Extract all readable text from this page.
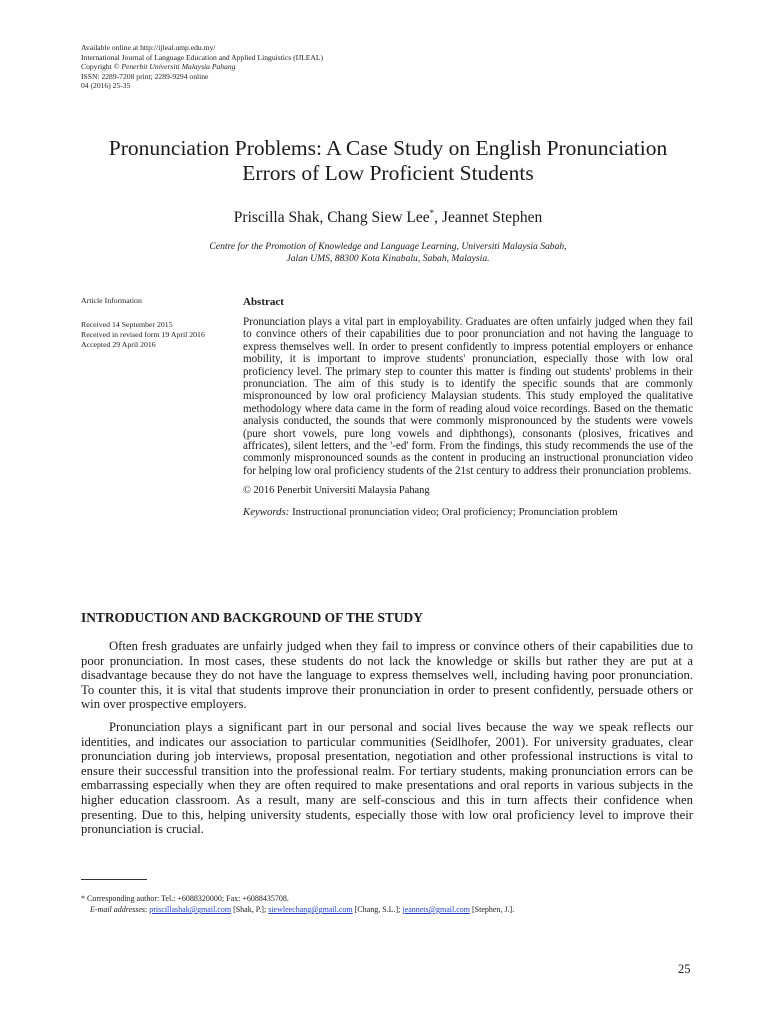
Available online at http://ijleal.ump.edu.my/
International Journal of Language Education and Applied Linguistics (IJLEAL)
Copyright © Penerbit Universiti Malaysia Pahang
ISSN: 2289-7208 print; 2289-9294 online
04 (2016) 25-35
Pronunciation Problems: A Case Study on English Pronunciation
Errors of Low Proficient Students
Priscilla Shak, Chang Siew Lee*, Jeannet Stephen
Centre for the Promotion of Knowledge and Language Learning, Universiti Malaysia Sabah,
Jalan UMS, 88300 Kota Kinabalu, Sabah, Malaysia.
Article Information
Received 14 September 2015
Received in revised form 19 April 2016
Accepted 29 April 2016
Abstract
Pronunciation plays a vital part in employability. Graduates are often unfairly judged when they fail to convince others of their capabilities due to poor pronunciation and not having the language to express themselves well. In order to present confidently to impress potential employers or enhance mobility, it is important to improve students' pronunciation, especially those with low oral proficiency level. The primary step to counter this matter is finding out students' problems in their pronunciation. The aim of this study is to identify the specific sounds that are commonly mispronounced by low oral proficiency Malaysian students. This study employed the qualitative methodology where data came in the form of reading aloud voice recordings. Based on the thematic analysis conducted, the sounds that were commonly mispronounced by the students were vowels (pure short vowels, pure long vowels and diphthongs), consonants (plosives, fricatives and affricates), silent letters, and the '-ed' form. From the findings, this study recommends the use of the commonly mispronounced sounds as the content in producing an instructional pronunciation video for helping low oral proficiency students of the 21st century to address their pronunciation problems.
© 2016 Penerbit Universiti Malaysia Pahang
Keywords: Instructional pronunciation video; Oral proficiency; Pronunciation problem
INTRODUCTION AND BACKGROUND OF THE STUDY

Often fresh graduates are unfairly judged when they fail to impress or convince others of their capabilities due to poor pronunciation. In most cases, these students do not lack the knowledge or skills but rather they are put at a disadvantage because they do not have the language to express themselves well, including having poor pronunciation. To counter this, it is vital that students improve their pronunciation in order to present confidently, persuade others or win over prospective employers.

Pronunciation plays a significant part in our personal and social lives because the way we speak reflects our identities, and indicates our association to particular communities (Seidlhofer, 2001). For university graduates, clear pronunciation during job interviews, proposal presentation, negotiation and other professional instructions is vital to ensure their successful transition into the professional realm. For tertiary students, making pronunciation errors can be embarrassing especially when they are often required to make presentations and oral reports in various subjects in the higher education classroom. As a result, many are self-conscious and this in turn affects their confidence when presenting. Due to this, helping university students, especially those with low oral proficiency level to improve their pronunciation is crucial.

* Corresponding author: Tel.: +6088320000; Fax: +6088435708.
E-mail addresses: priscillashak@gmail.com [Shak, P.]; siewleechang@gmail.com [Chang, S.L.]; jeannets@gmail.com [Stephen, J.].
25
